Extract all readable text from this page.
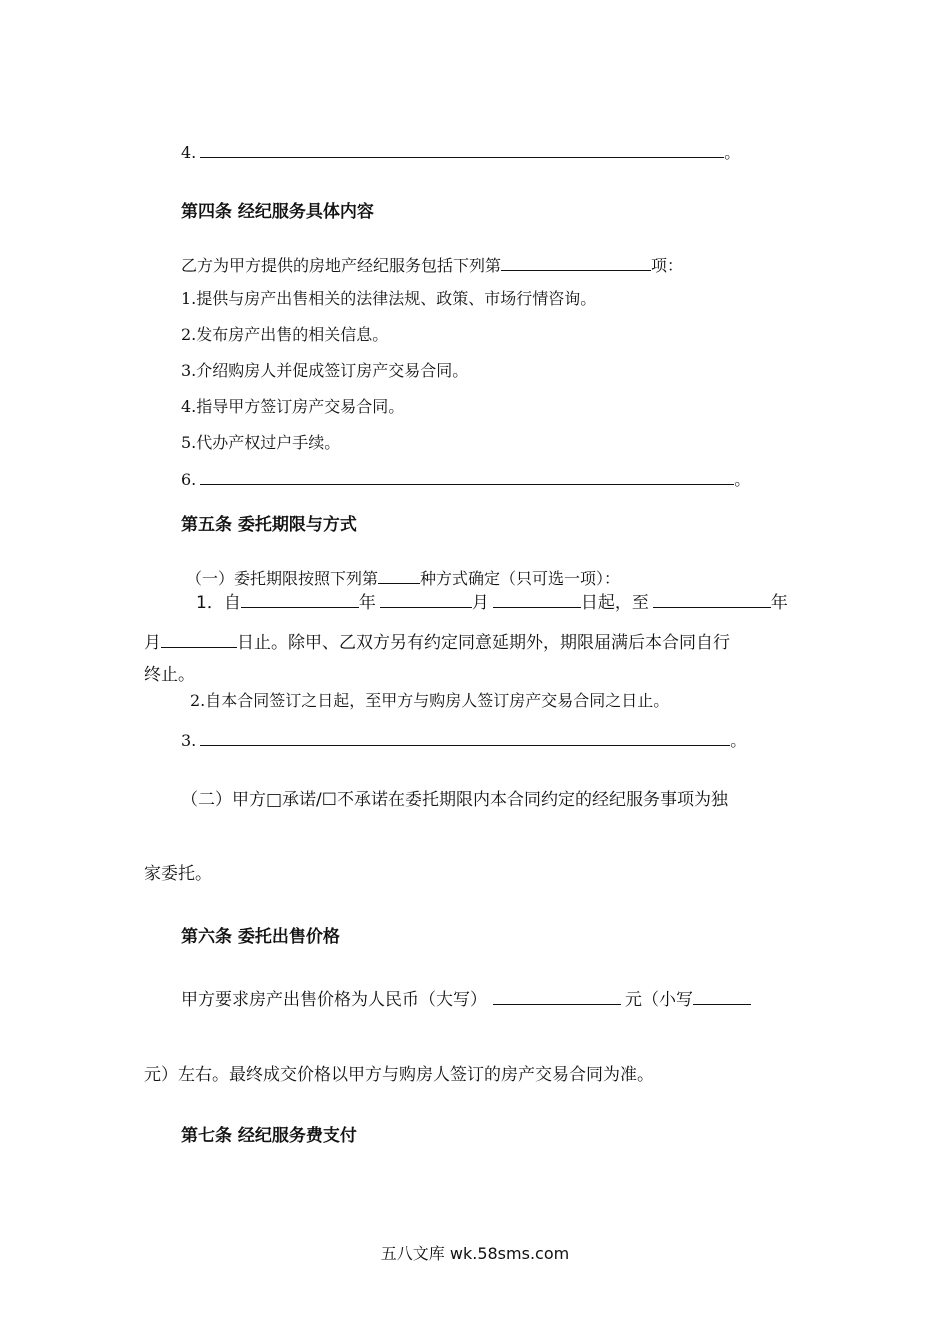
4.	。
第四条 经纪服务具体内容
乙方为甲方提供的房地产经纪服务包括下列第	项：
1.提供与房产出售相关的法律法规、政策、市场行情咨询。
2.发布房产出售的相关信息。
3.介绍购房人并促成签订房产交易合同。
4.指导甲方签订房产交易合同。
5.代办产权过户手续。
6.	。
第五条 委托期限与方式
（一）委托期限按照下列第	种方式确定（只可选一项）：
1．自	年	月	日起，至	年
月	日止。除甲、乙双方另有约定同意延期外，期限届满后本合同自行
终止。
2.自本合同签订之日起，至甲方与购房人签订房产交易合同之日止。
3.	。
（二）甲方□承诺/☐不承诺在委托期限内本合同约定的经纪服务事项为独
家委托。
第六条 委托出售价格
甲方要求房产出售价格为人民币（大写）	元（小写
元）左右。最终成交价格以甲方与购房人签订的房产交易合同为准。
第七条 经纪服务费支付
五八文库 wk.58sms.com
